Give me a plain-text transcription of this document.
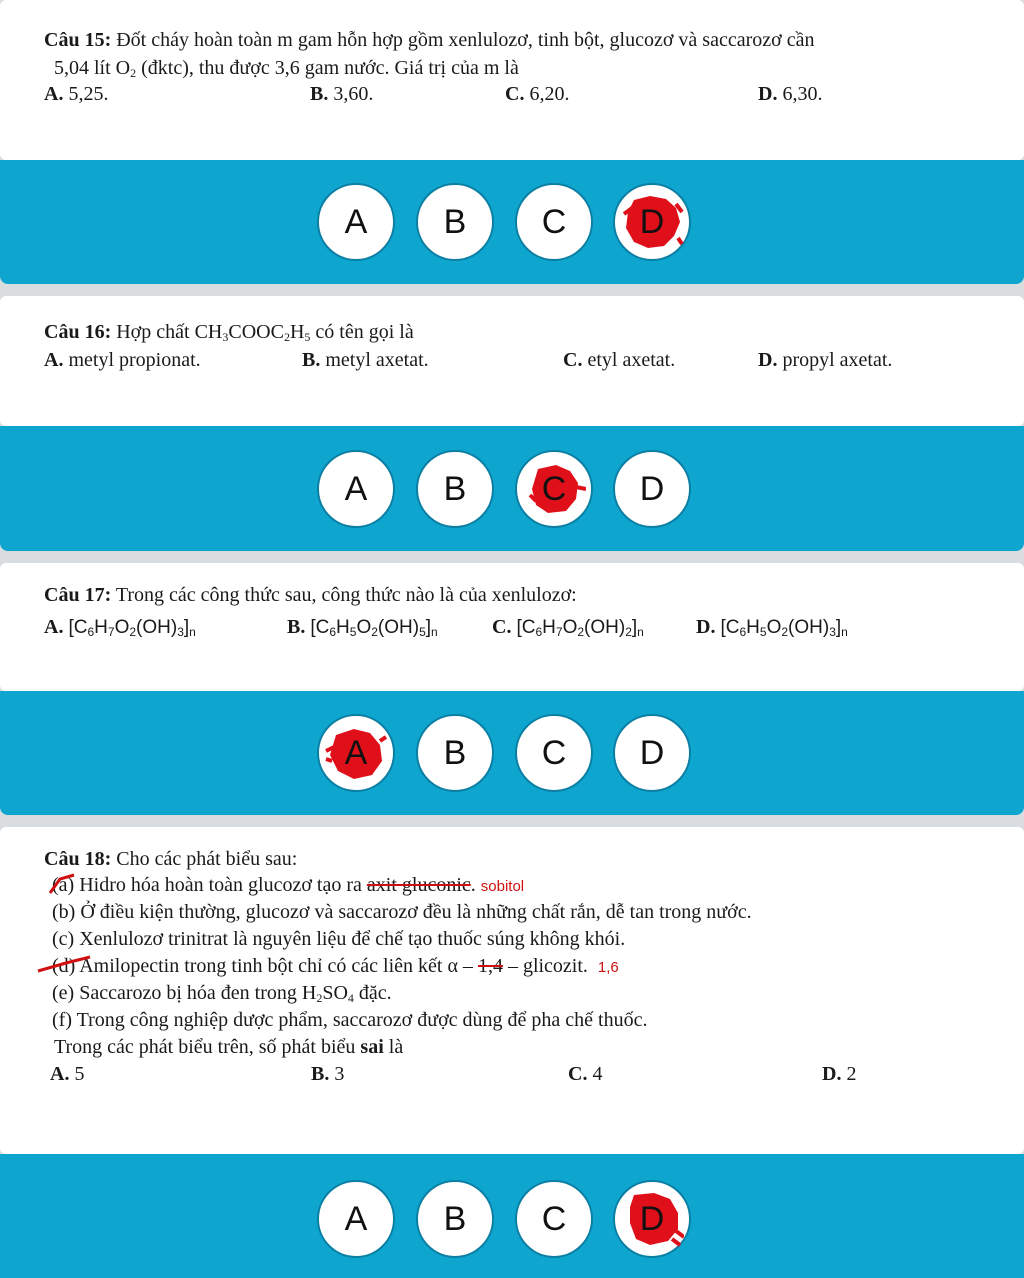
Câu 15: Đốt cháy hoàn toàn m gam hỗn hợp gồm xenlulozơ, tinh bột, glucozơ và saccarozơ cần
5,04 lít $O_2$ (đktc), thu được 3,6 gam nước. Giá trị của m là
A. 5,25.	B. 3,60.	C. 6,20.	D. 6,30.
A B C D
Câu 16: Hợp chất $CH_3COOC_2H_5$ có tên gọi là
A. metyl propionat.	B. metyl axetat.	C. etyl axetat.	D. propyl axetat.
A B C D
Câu 17: Trong các công thức sau, công thức nào là của xenlulozơ:
A. $[C_6H_7O_2(OH)_3]_n$	B. $[C_6H_5O_2(OH)_5]_n$	C. $[C_6H_7O_2(OH)_2]_n$	D. $[C_6H_5O_2(OH)_3]_n$
A B C D
Câu 18: Cho các phát biểu sau:
(a) Hidro hóa hoàn toàn glucozơ tạo ra axit gluconic. sobitol
(b) Ở điều kiện thường, glucozơ và saccarozơ đều là những chất rắn, dễ tan trong nước.
(c) Xenlulozơ trinitrat là nguyên liệu để chế tạo thuốc súng không khói.
(d) Amilopectin trong tinh bột chỉ có các liên kết α – 1,4 – glicozit. 1,6
(e) Saccarozo bị hóa đen trong $H_2SO_4$ đặc.
(f) Trong công nghiệp dược phẩm, saccarozơ được dùng để pha chế thuốc.
Trong các phát biểu trên, số phát biểu sai là
A. 5	B. 3	C. 4	D. 2
A B C D
